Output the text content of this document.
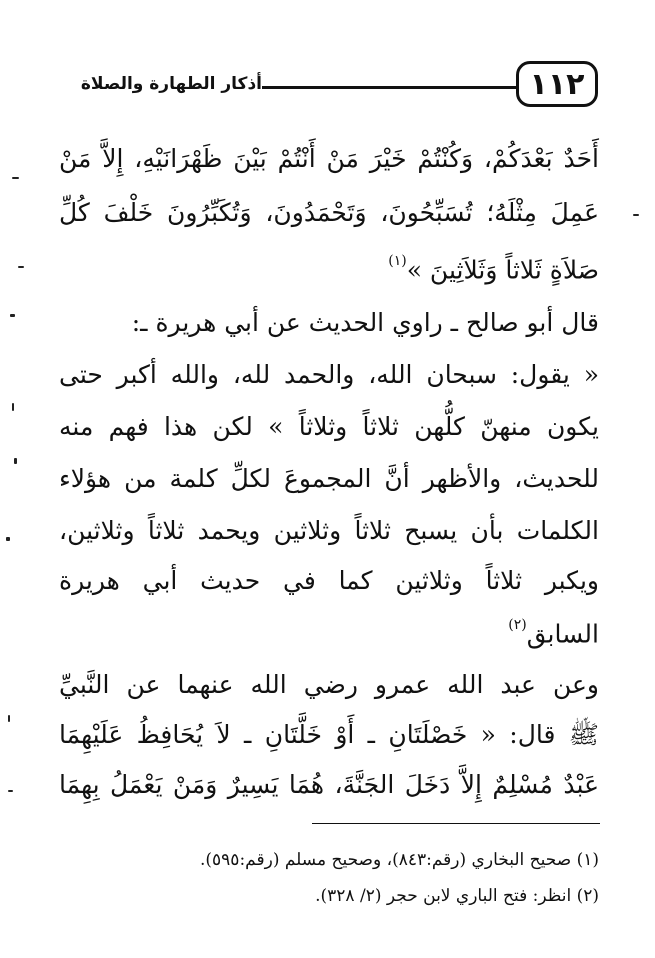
١١٢
أذكار الطهارة والصلاة
أَحَدٌ بَعْدَكُمْ، وَكُنْتُمْ خَيْرَ مَنْ أَنْتُمْ بَيْنَ ظَهْرَانَيْهِ، إِلاَّ مَنْ
عَمِلَ مِثْلَهُ؛ تُسَبِّحُونَ، وَتَحْمَدُونَ، وَتُكَبِّرُونَ خَلْفَ كُلِّ
صَلاَةٍ ثَلاثاً وَثَلاَثِينَ »$^{(١)}$
قال أبو صالح ـ راوي الحديث عن أبي هريرة ـ:
« يقول: سبحان الله، والحمد لله، والله أكبر حتى
يكون منهنّ كلُّهن ثلاثاً وثلاثاً » لكن هذا فهم منه
للحديث، والأظهر أنَّ المجموعَ لكلِّ كلمة من هؤلاء
الكلمات بأن يسبح ثلاثاً وثلاثين ويحمد ثلاثاً وثلاثين،
ويكبر ثلاثاً وثلاثين كما في حديث أبي هريرة
السابق$^{(٢)}$
وعن عبد الله عمرو رضي الله عنهما عن النَّبيِّ
ﷺ قال: « خَصْلَتَانِ ـ أَوْ خَلَّتَانِ ـ لاَ يُحَافِظُ عَلَيْهِمَا
عَبْدٌ مُسْلِمٌ إِلاَّ دَخَلَ الجَنَّةَ، هُمَا يَسِيرٌ وَمَنْ يَعْمَلُ بِهِمَا
(١) صحيح البخاري (رقم:٨٤٣)، وصحيح مسلم (رقم:٥٩٥).
(٢) انظر: فتح الباري لابن حجر (٢/ ٣٢٨).
